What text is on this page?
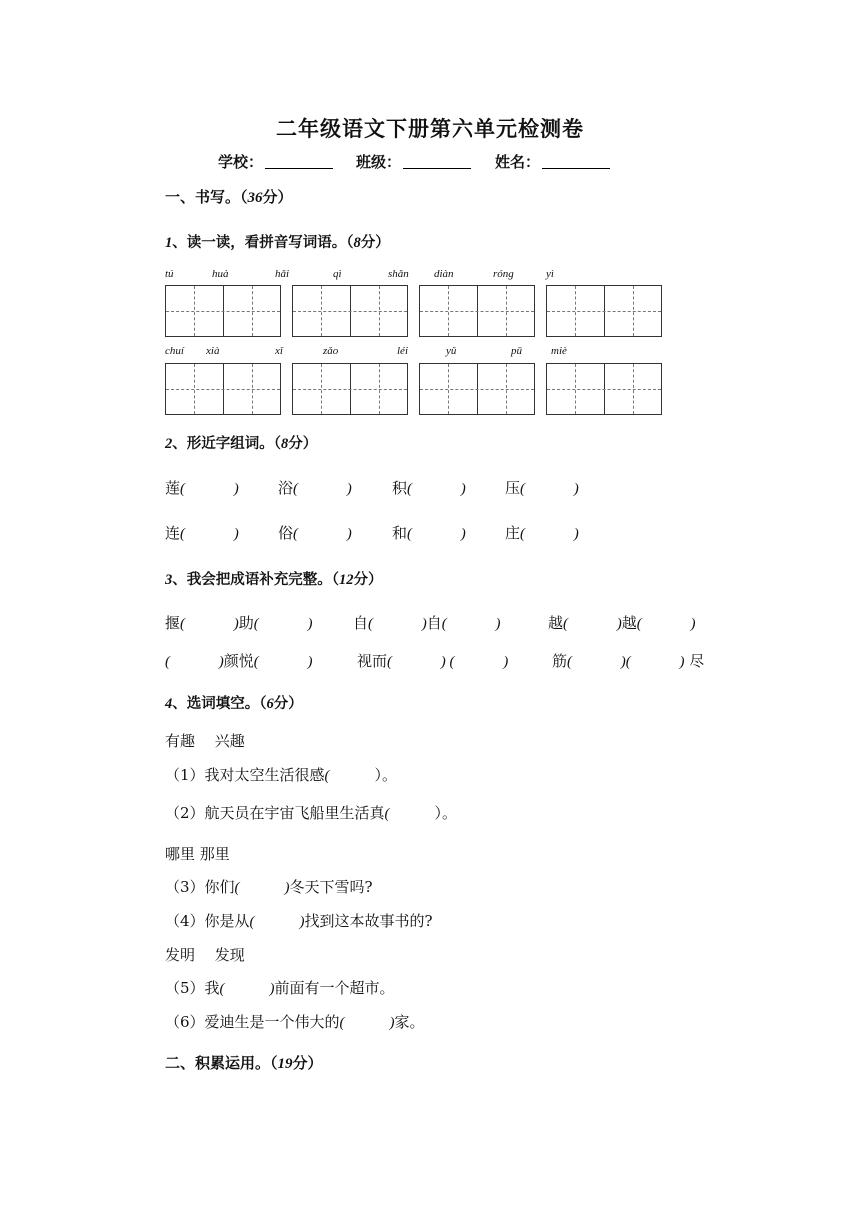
二年级语文下册第六单元检测卷
学校：	班级：	姓名：
一、书写。（36分）
1、读一读，看拼音写词语。（8分）
tú	huà	hǎi	qì	shǎn diàn	róng	yì
chuí xià	xǐ	zǎo	léi	yǔ	pū	miè
2、形近字组词。（8分）
莲(             )	浴(             )	积(             )	压(             )
连(             )	俗(             )	和(             )	庄(             )
3、我会把成语补充完整。（12分）
揠(             )助(             )	自(             )自(             )	越(             )越(             )
(             )颜悦(             )	视而(             ) (             )	筋(             )(             ) 尽
4、选词填空。（6分）
有趣　 兴趣
（1）我对太空生活很感(            ）。
（2）航天员在宇宙飞船里生活真(            ）。
哪里 那里
（3）你们(            )冬天下雪吗?
（4）你是从(            )找到这本故事书的?
发明　 发现
（5）我(            )前面有一个超市。
（6）爱迪生是一个伟大的(            )家。
二、积累运用。（19分）
